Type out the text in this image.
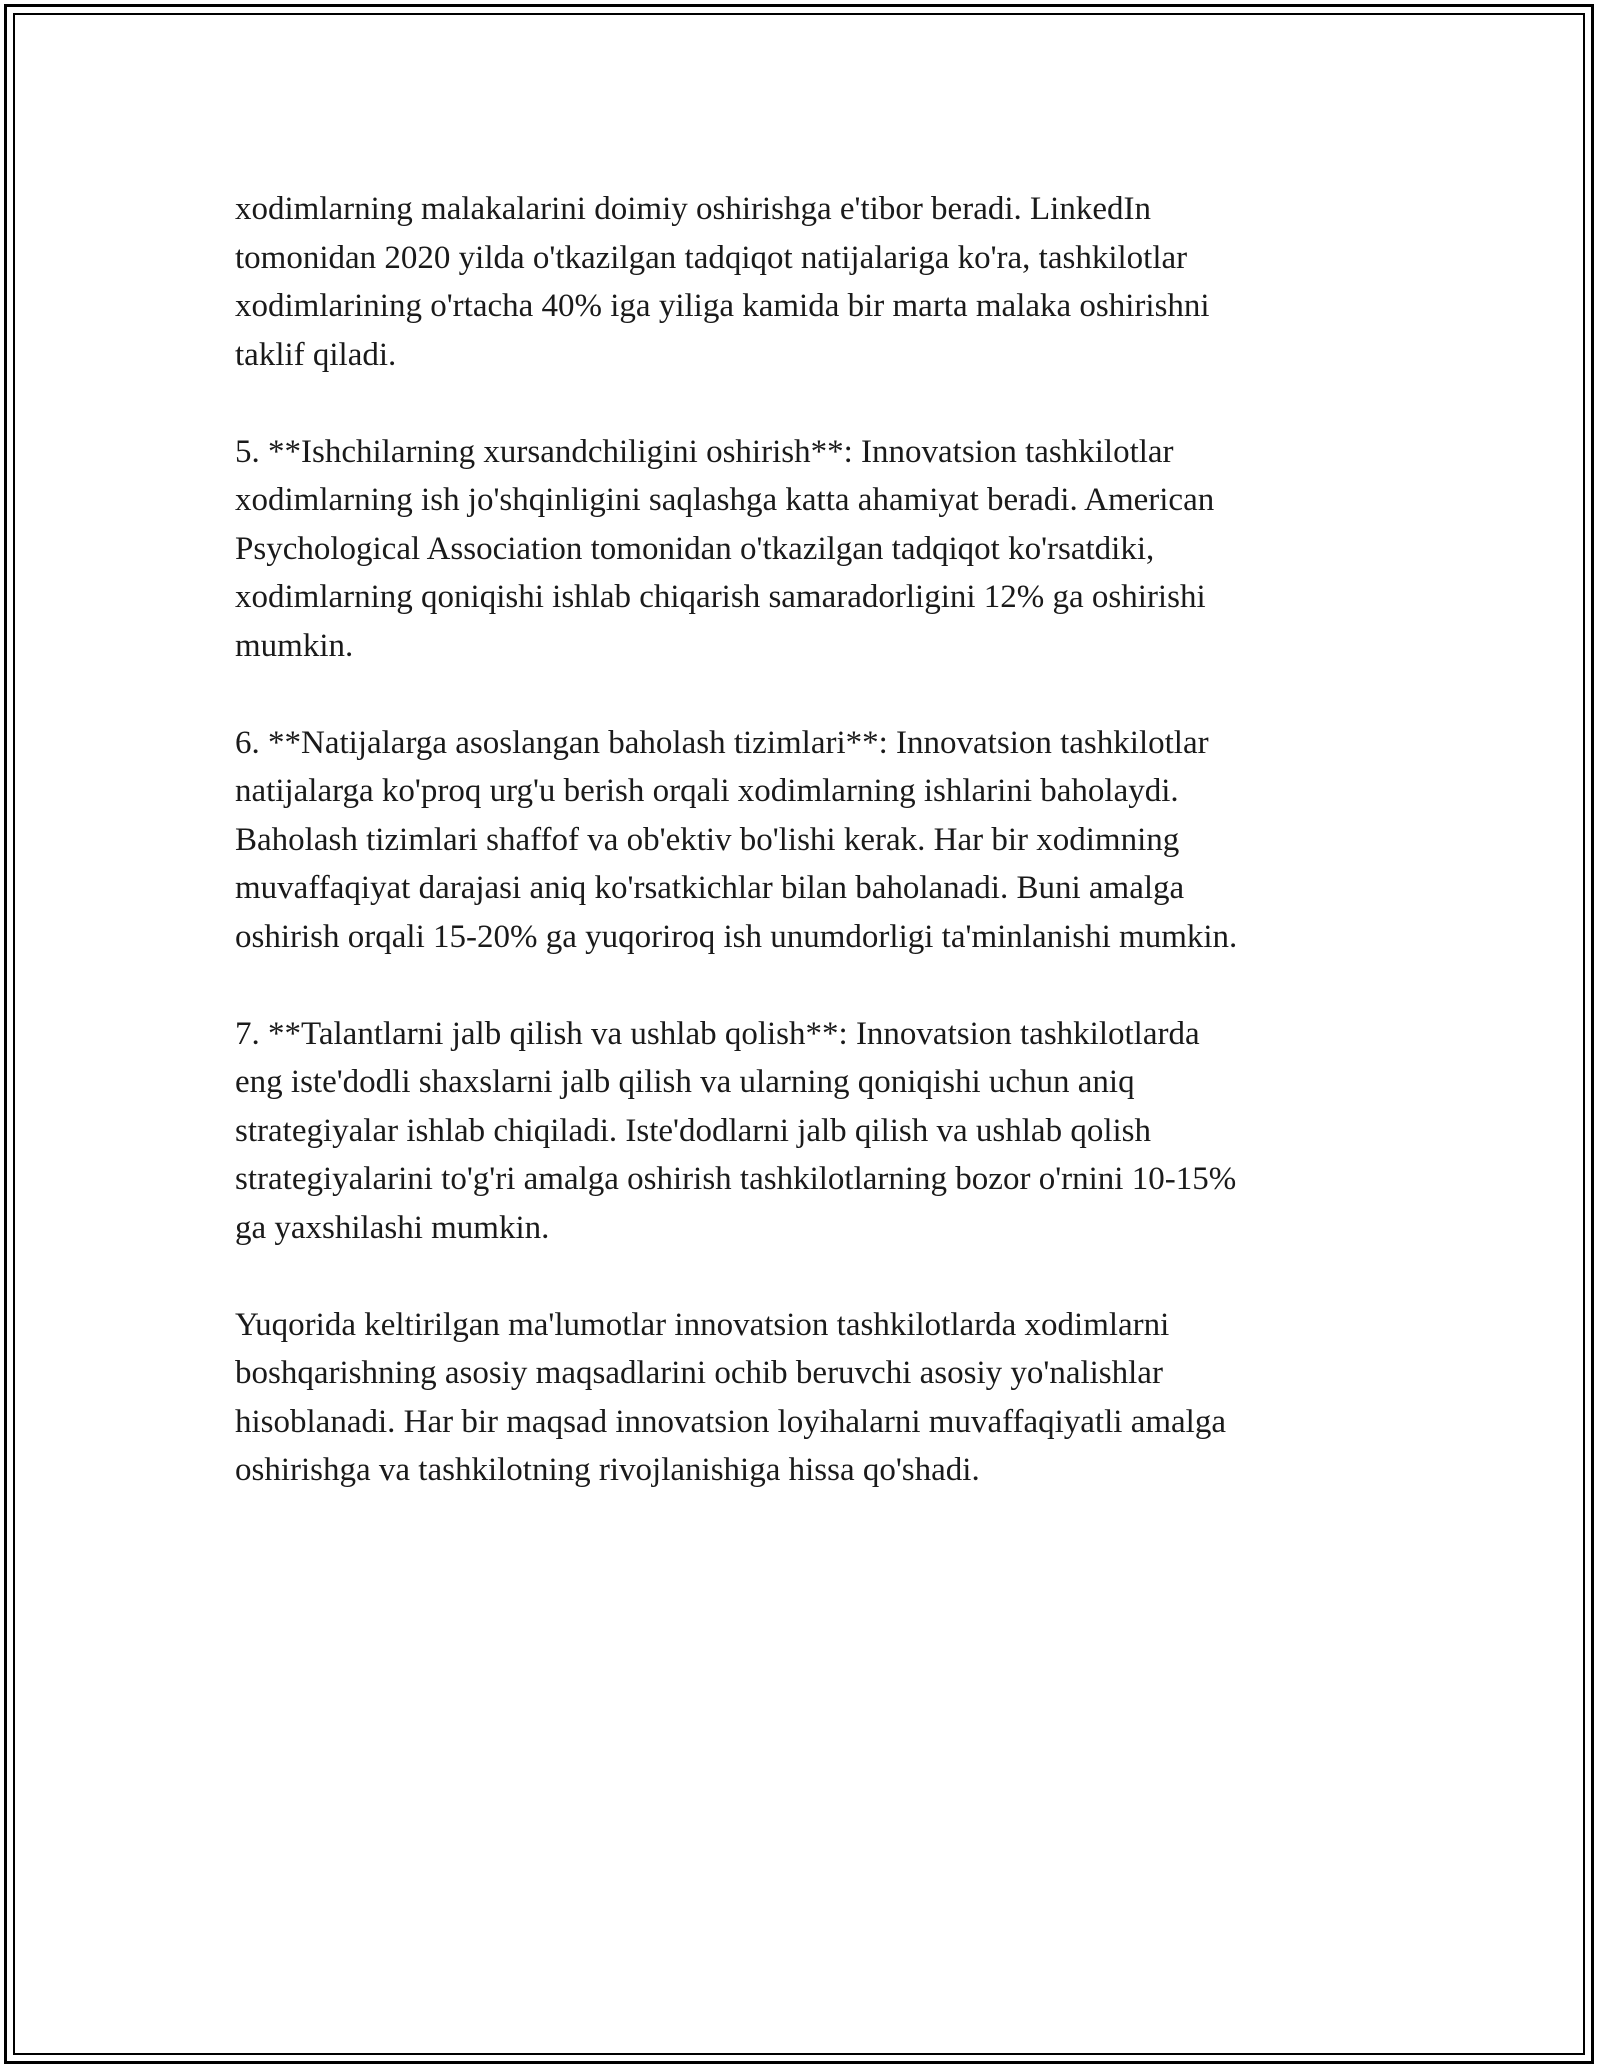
xodimlarning malakalarini doimiy oshirishga e'tibor beradi. LinkedIn
tomonidan 2020 yilda o'tkazilgan tadqiqot natijalariga ko'ra, tashkilotlar
xodimlarining o'rtacha 40% iga yiliga kamida bir marta malaka oshirishni
taklif qiladi.

5. **Ishchilarning xursandchiligini oshirish**: Innovatsion tashkilotlar
xodimlarning ish jo'shqinligini saqlashga katta ahamiyat beradi. American
Psychological Association tomonidan o'tkazilgan tadqiqot ko'rsatdiki,
xodimlarning qoniqishi ishlab chiqarish samaradorligini 12% ga oshirishi
mumkin.

6. **Natijalarga asoslangan baholash tizimlari**: Innovatsion tashkilotlar
natijalarga ko'proq urg'u berish orqali xodimlarning ishlarini baholaydi.
Baholash tizimlari shaffof va ob'ektiv bo'lishi kerak. Har bir xodimning
muvaffaqiyat darajasi aniq ko'rsatkichlar bilan baholanadi. Buni amalga
oshirish orqali 15-20% ga yuqoriroq ish unumdorligi ta'minlanishi mumkin.

7. **Talantlarni jalb qilish va ushlab qolish**: Innovatsion tashkilotlarda
eng iste'dodli shaxslarni jalb qilish va ularning qoniqishi uchun aniq
strategiyalar ishlab chiqiladi. Iste'dodlarni jalb qilish va ushlab qolish
strategiyalarini to'g'ri amalga oshirish tashkilotlarning bozor o'rnini 10-15%
ga yaxshilashi mumkin.

Yuqorida keltirilgan ma'lumotlar innovatsion tashkilotlarda xodimlarni
boshqarishning asosiy maqsadlarini ochib beruvchi asosiy yo'nalishlar
hisoblanadi. Har bir maqsad innovatsion loyihalarni muvaffaqiyatli amalga
oshirishga va tashkilotning rivojlanishiga hissa qo'shadi.
